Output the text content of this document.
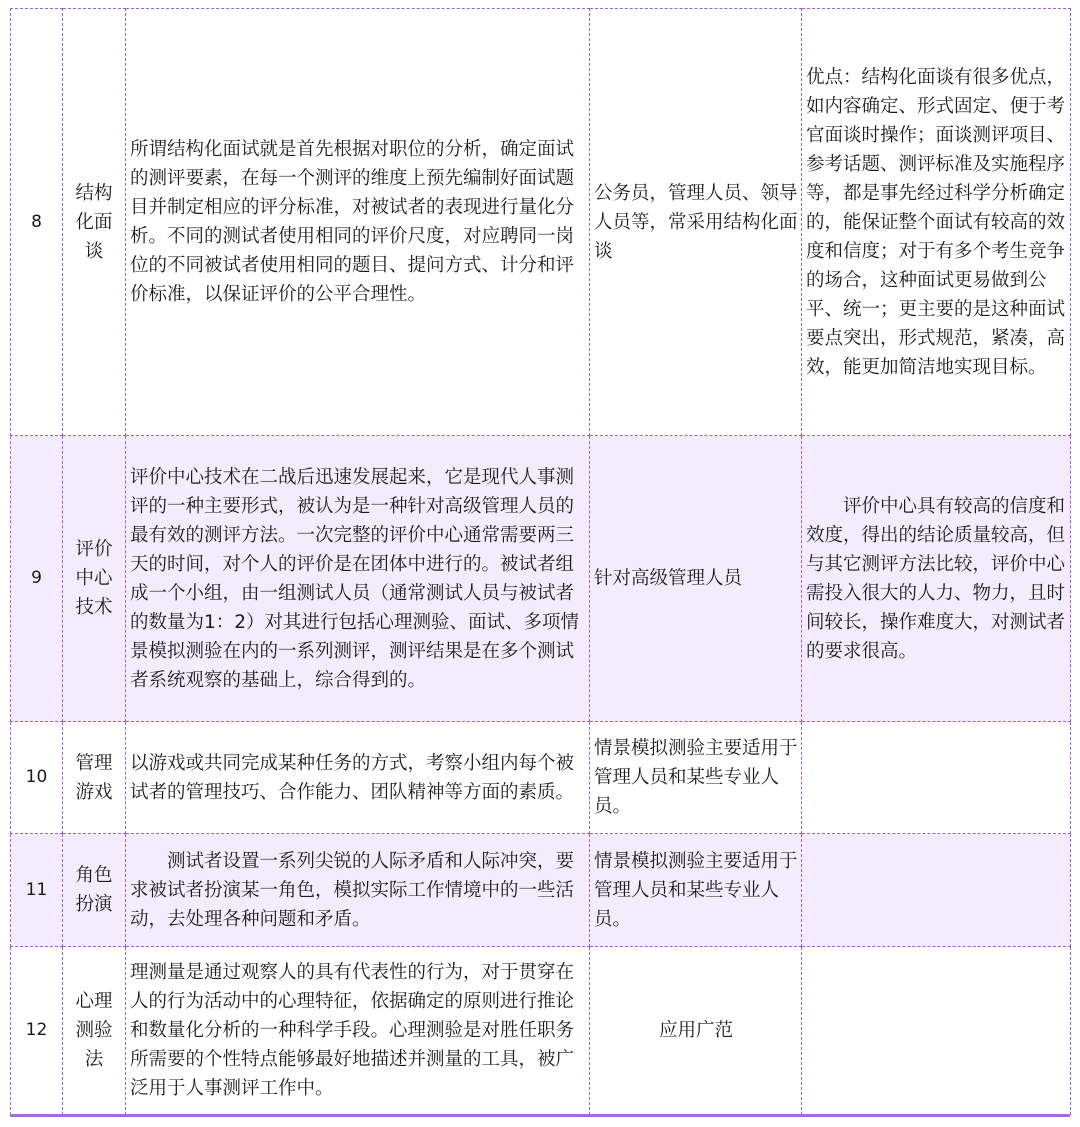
8	结构化面谈	所谓结构化面试就是首先根据对职位的分析，确定面试的测评要素，在每一个测评的维度上预先编制好面试题目并制定相应的评分标准，对被试者的表现进行量化分析。不同的测试者使用相同的评价尺度，对应聘同一岗位的不同被试者使用相同的题目、提问方式、计分和评价标准，以保证评价的公平合理性。	公务员，管理人员、领导人员等，常采用结构化面谈	优点：结构化面谈有很多优点，如内容确定、形式固定、便于考官面谈时操作；面谈测评项目、参考话题、测评标准及实施程序等，都是事先经过科学分析确定的，能保证整个面试有较高的效度和信度；对于有多个考生竞争的场合，这种面试更易做到公平、统一；更主要的是这种面试要点突出，形式规范，紧凑，高效，能更加简洁地实现目标。
9	评价中心技术	评价中心技术在二战后迅速发展起来，它是现代人事测评的一种主要形式，被认为是一种针对高级管理人员的最有效的测评方法。一次完整的评价中心通常需要两三天的时间，对个人的评价是在团体中进行的。被试者组成一个小组，由一组测试人员（通常测试人员与被试者的数量为1：2）对其进行包括心理测验、面试、多项情景模拟测验在内的一系列测评，测评结果是在多个测试者系统观察的基础上，综合得到的。	针对高级管理人员	评价中心具有较高的信度和效度，得出的结论质量较高，但与其它测评方法比较，评价中心需投入很大的人力、物力，且时间较长，操作难度大，对测试者的要求很高。

10	管理游戏	以游戏或共同完成某种任务的方式，考察小组内每个被试者的管理技巧、合作能力、团队精神等方面的素质。	情景模拟测验主要适用于管理人员和某些专业人员。	
11	角色扮演	测试者设置一系列尖锐的人际矛盾和人际冲突，要求被试者扮演某一角色，模拟实际工作情境中的一些活动，去处理各种问题和矛盾。	情景模拟测验主要适用于管理人员和某些专业人员。	
12	心理测验法	理测量是通过观察人的具有代表性的行为，对于贯穿在人的行为活动中的心理特征，依据确定的原则进行推论和数量化分析的一种科学手段。心理测验是对胜任职务所需要的个性特点能够最好地描述并测量的工具，被广泛用于人事测评工作中。	应用广范	
